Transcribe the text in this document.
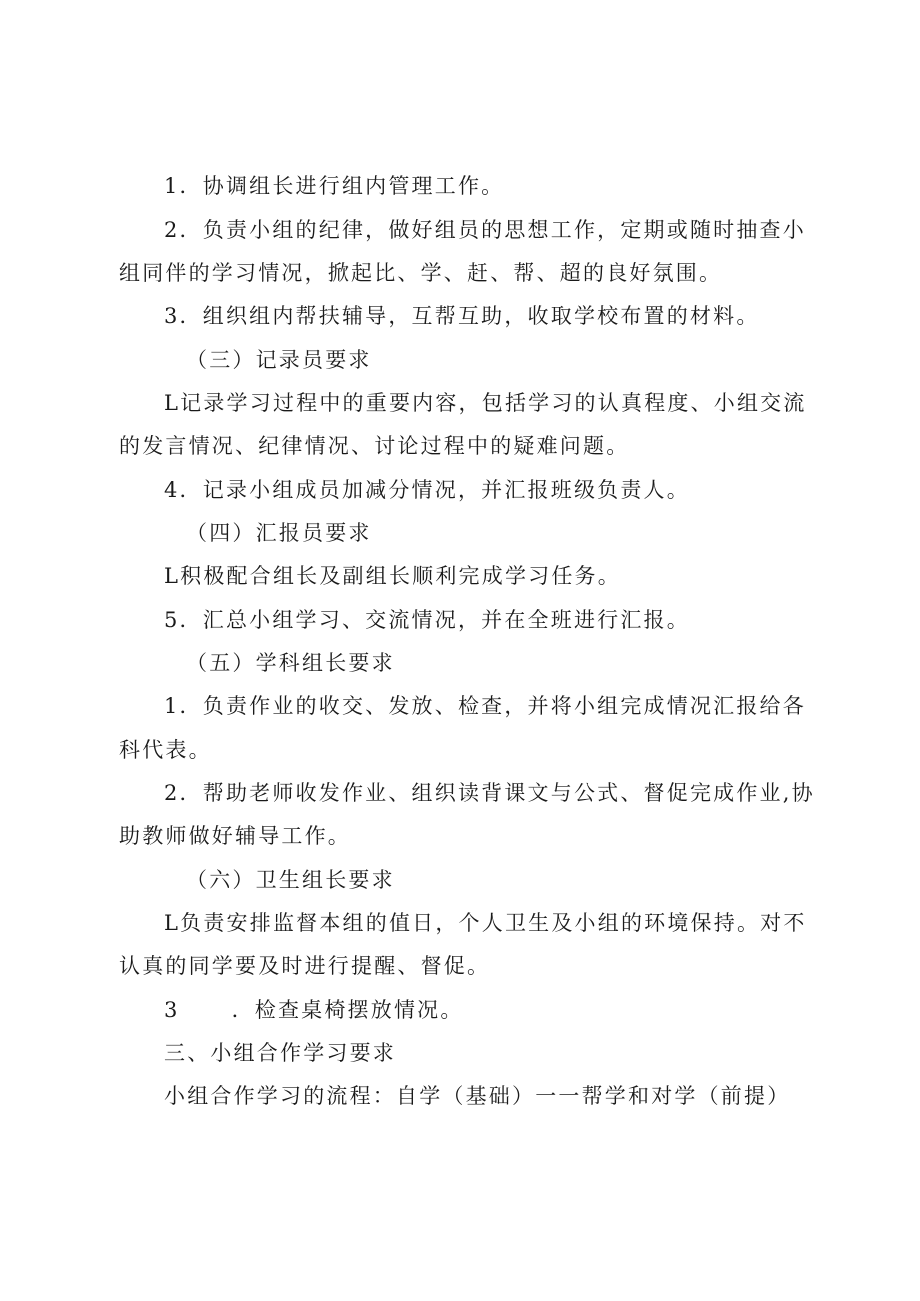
1．协调组长进行组内管理工作。
2．负责小组的纪律，做好组员的思想工作，定期或随时抽查小
组同伴的学习情况，掀起比、学、赶、帮、超的良好氛围。
3．组织组内帮扶辅导，互帮互助，收取学校布置的材料。
（三）记录员要求
L记录学习过程中的重要内容，包括学习的认真程度、小组交流
的发言情况、纪律情况、讨论过程中的疑难问题。
4．记录小组成员加减分情况，并汇报班级负责人。
（四）汇报员要求
L积极配合组长及副组长顺利完成学习任务。
5．汇总小组学习、交流情况，并在全班进行汇报。
（五）学科组长要求
1．负责作业的收交、发放、检查，并将小组完成情况汇报给各
科代表。
2．帮助老师收发作业、组织读背课文与公式、督促完成作业,协
助教师做好辅导工作。
（六）卫生组长要求
L负责安排监督本组的值日，个人卫生及小组的环境保持。对不
认真的同学要及时进行提醒、督促。
3 ．检查桌椅摆放情况。
三、小组合作学习要求
小组合作学习的流程：自学（基础）一一帮学和对学（前提）
